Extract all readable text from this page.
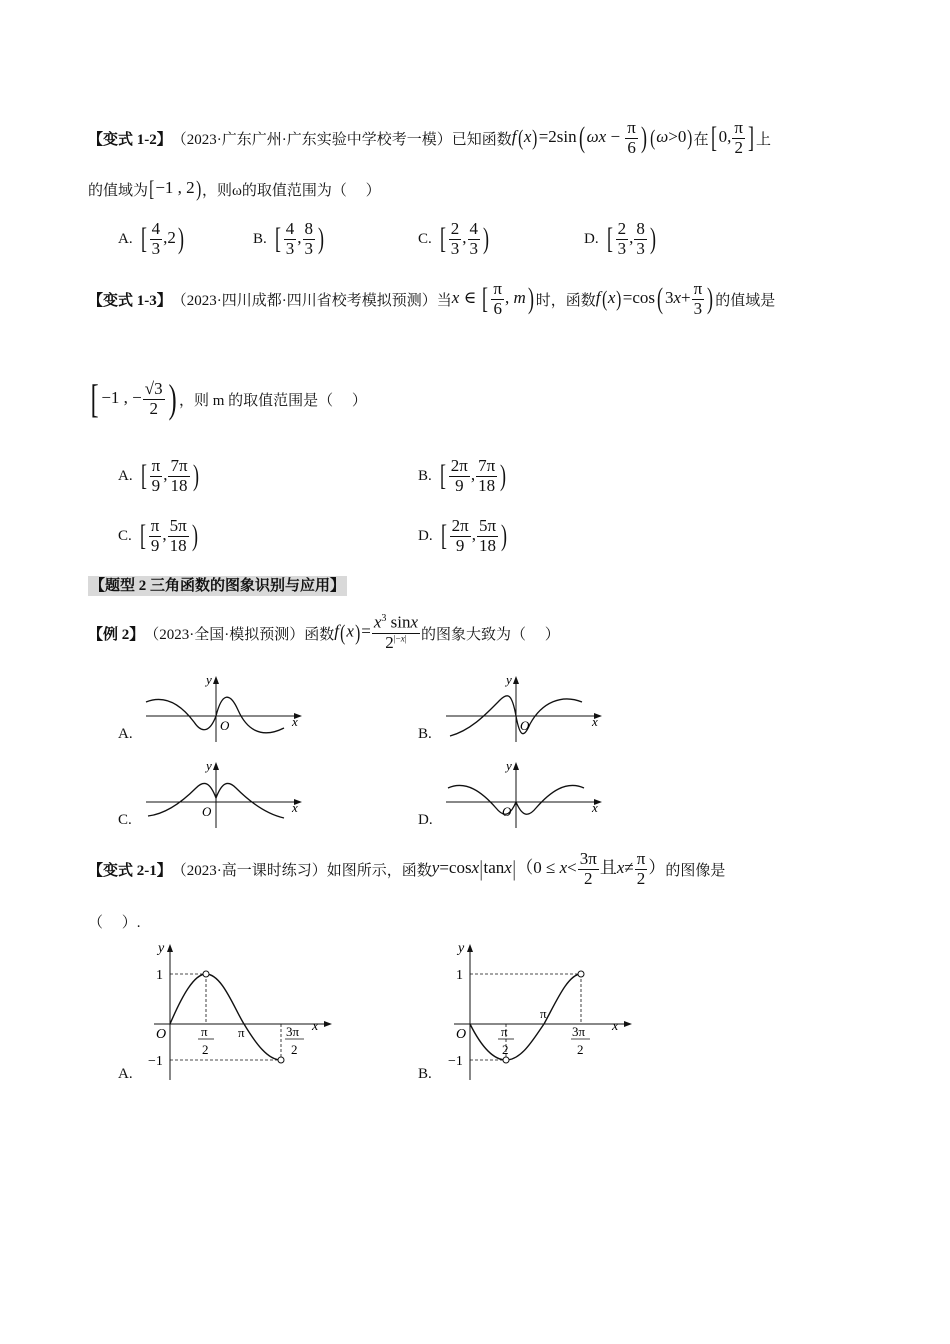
【变式 1-2】 （2023·广东广州·广东实验中学校考一模） 已知函数 f(x)=2sin( $\omega x - \frac{\pi}{6}$ ) (ω>0) 在 [ 0, $\frac{\pi}{2}$ ] 上
的值域为 [−1 , 2) ，则ω的取值范围为（　 ）
A. [ $\frac{4}{3} ,2$)	B. [ $\frac{4}{3}$ , $\frac{8}{3}$ )	C. [ $\frac{2}{3}$ , $\frac{4}{3}$ )	D. [ $\frac{2}{3}$ , $\frac{8}{3}$ )
【变式 1-3】 （2023·四川成都·四川省校考模拟预测） 当 x ∈ [ $\frac{\pi}{6}$ , m) 时，函数 f(x)=cos( $3x+ \frac{\pi}{3}$ ) 的值域是
[ −1 , − $\frac{√3}{2}$ ) ，则 m 的取值范围是（　 ）
A. [ $\frac{\pi}{9}$ , $\frac{7\pi}{18}$ )	B. [ $\frac{2\pi}{9}$ , $\frac{7\pi}{18}$ )
C. [ $\frac{\pi}{9}$ , $\frac{5\pi}{18}$ )	D. [ $\frac{2\pi}{9}$ , $\frac{5\pi}{18}$ )
【题型 2 三角函数的图象识别与应用】
【例 2】 （2023·全国·模拟预测） 函数 $f(x)= \frac{x^3 \sin x}{2^{|-x|}}$ 的图象大致为（　 ）
A.
y
O	x
B.
y
O	x
C.
y
O	x
D.
y
O	x
【变式 2-1】 （2023·高一课时练习） 如图所示，函数 $y=\cos x|\tan x|(0 \le x< \frac{3\pi}{2}$ 且$x\ne \frac{\pi}{2}$ ） 的图像是
（　 ）.
A.
y
1
−1
O	π
2
π	3π
2
x
B.
y
1
−1
O	π
2
π
3π
2
x
